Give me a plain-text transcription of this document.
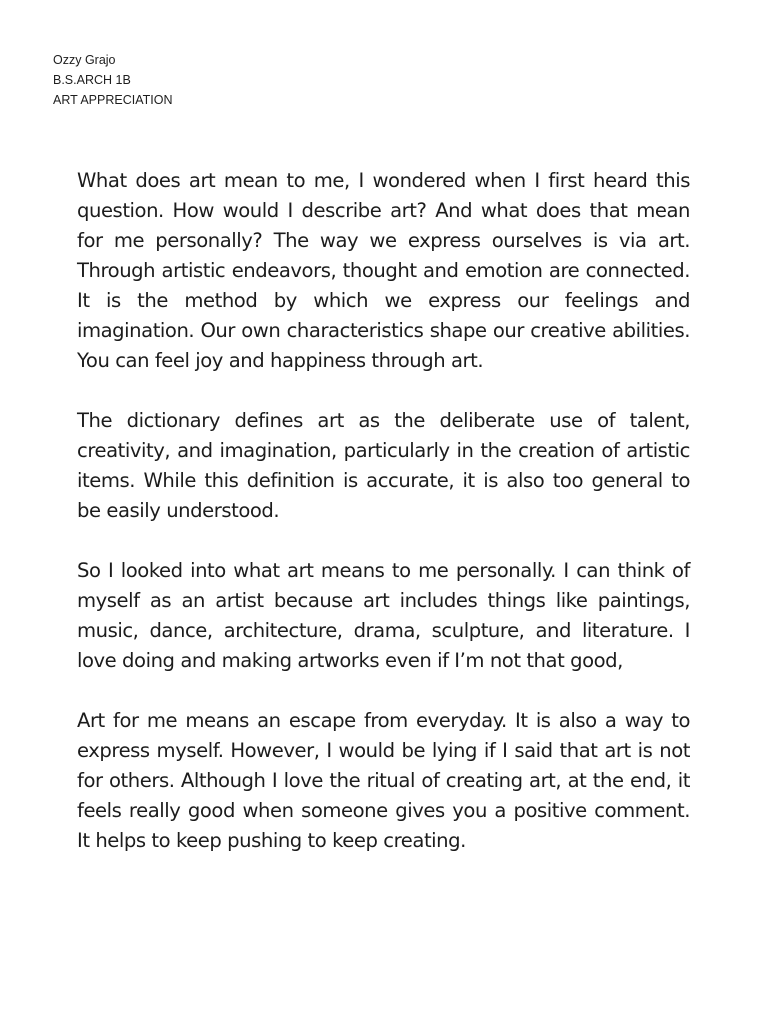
Ozzy Grajo
B.S.ARCH 1B
ART APPRECIATION

What does art mean to me, I wondered when I first heard this question. How would I describe art? And what does that mean for me personally? The way we express ourselves is via art. Through artistic endeavors, thought and emotion are connected. It is the method by which we express our feelings and imagination. Our own characteristics shape our creative abilities. You can feel joy and happiness through art.

The dictionary defines art as the deliberate use of talent, creativity, and imagination, particularly in the creation of artistic items. While this definition is accurate, it is also too general to be easily understood.

So I looked into what art means to me personally. I can think of myself as an artist because art includes things like paintings, music, dance, architecture, drama, sculpture, and literature. I love doing and making artworks even if I’m not that good,

Art for me means an escape from everyday. It is also a way to express myself. However, I would be lying if I said that art is not for others. Although I love the ritual of creating art, at the end, it feels really good when someone gives you a positive comment. It helps to keep pushing to keep creating.
